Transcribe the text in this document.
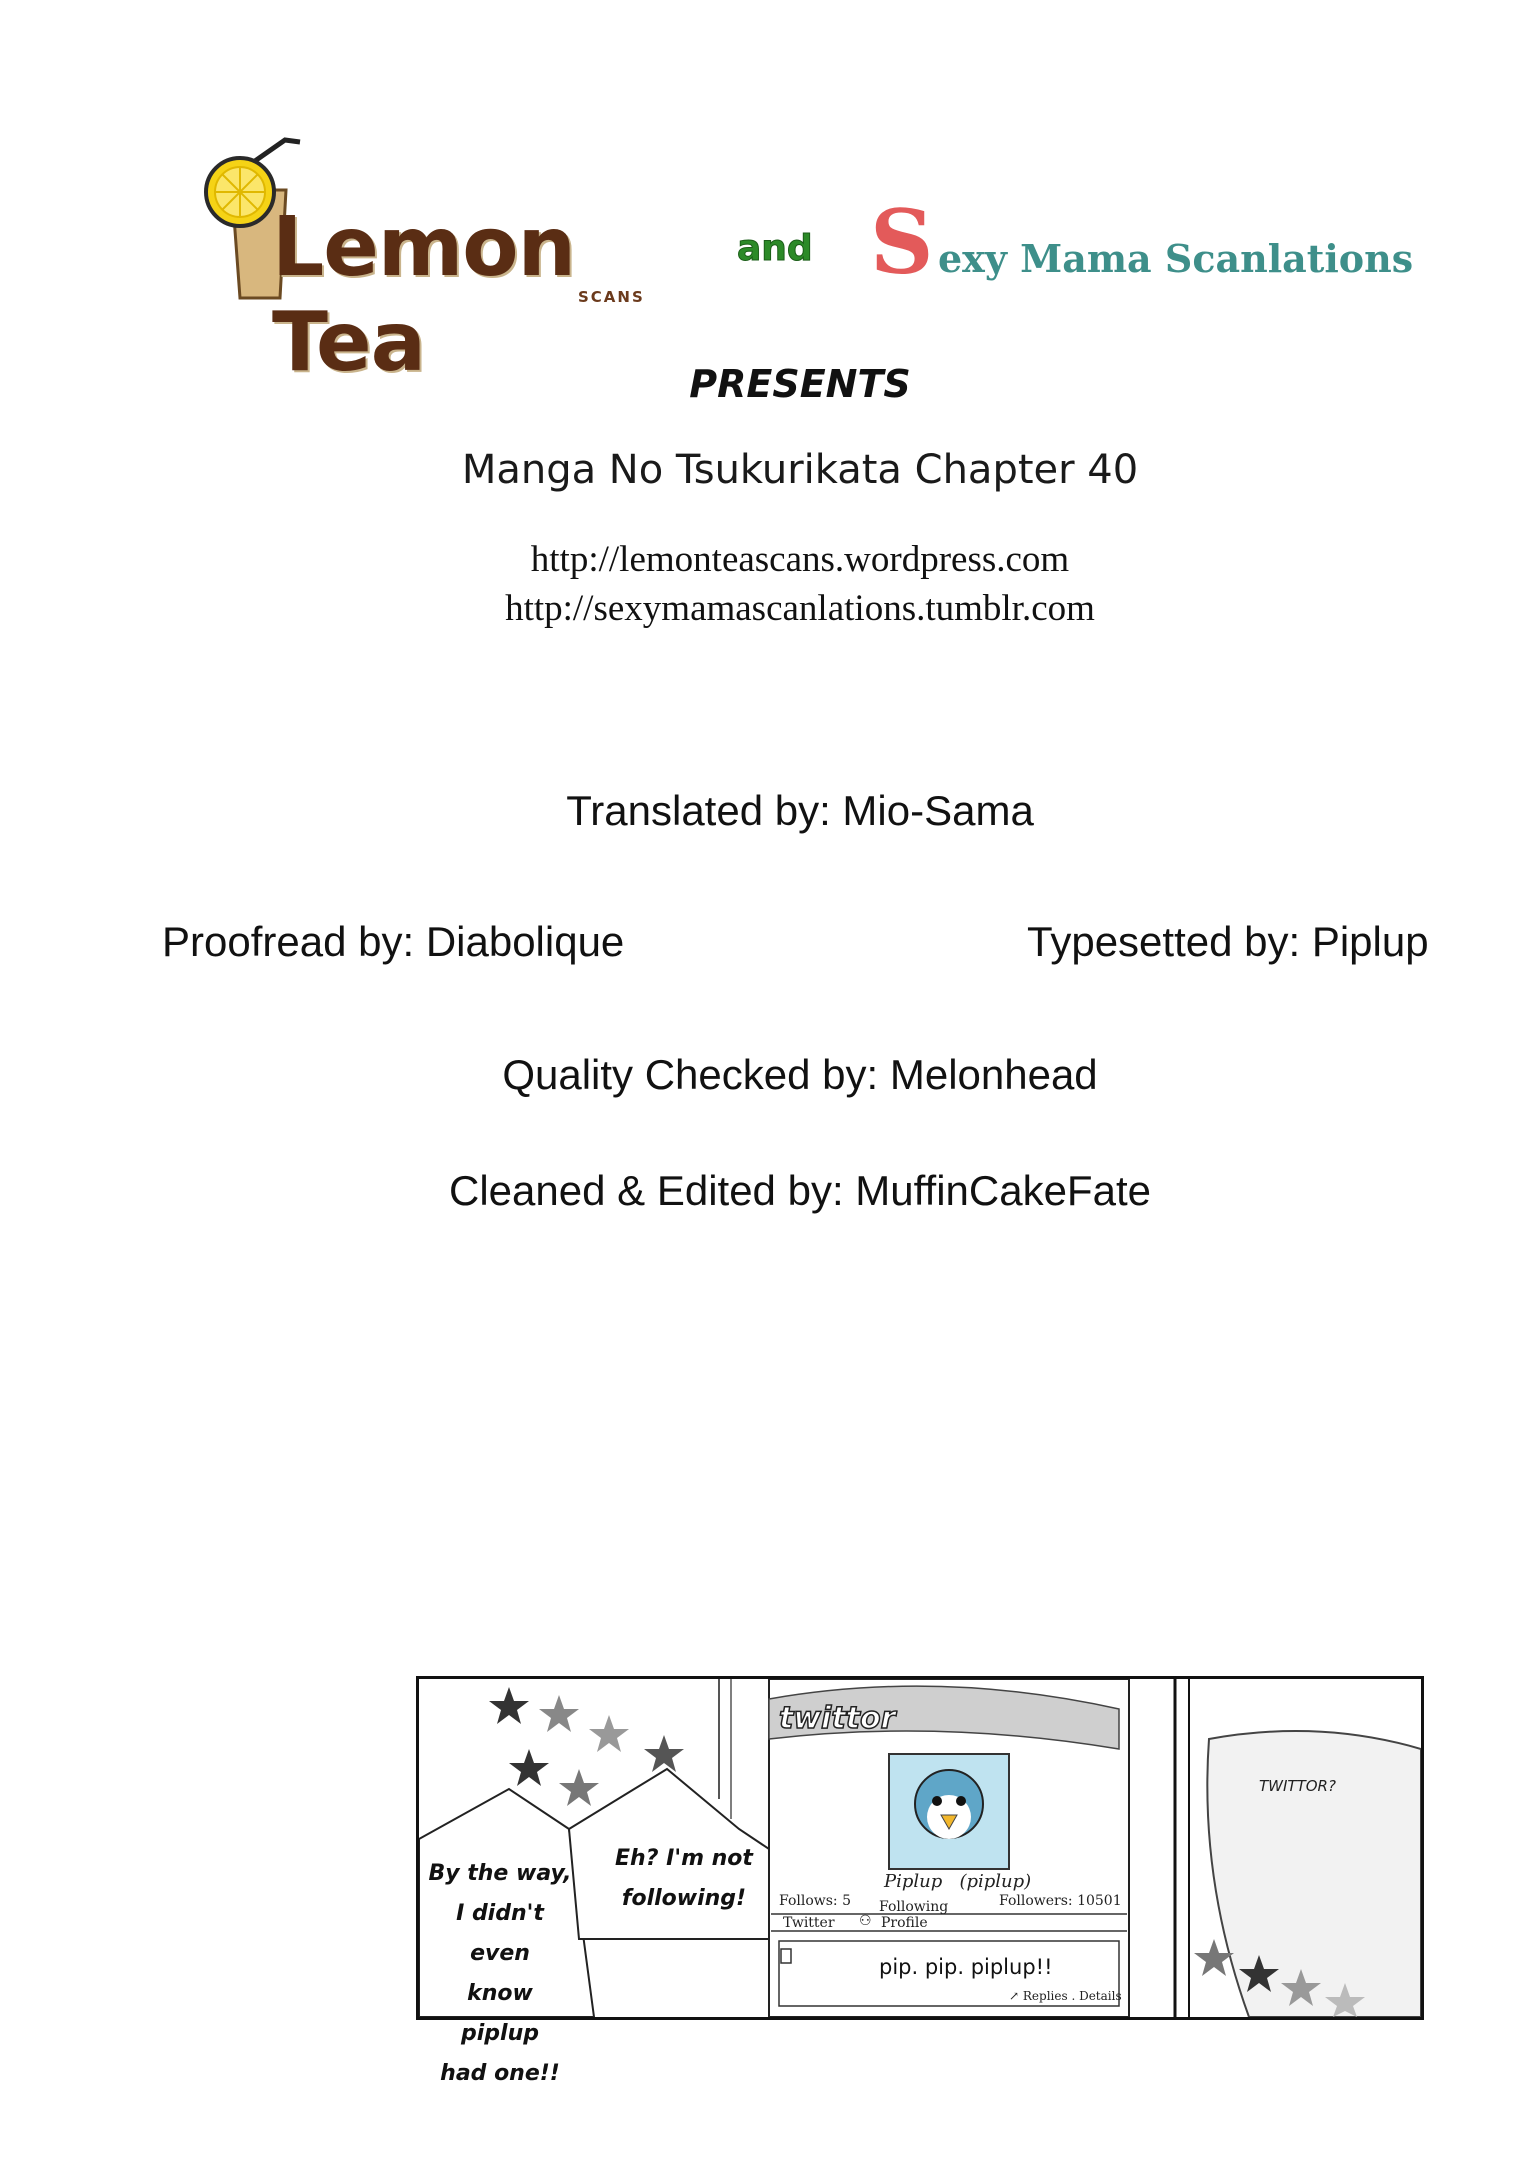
Lemon Tea	SCANS
and S exy Mama Scanlations
PRESENTS
Manga No Tsukurikata Chapter 40
http://lemonteascans.wordpress.com
http://sexymamascanlations.tumblr.com
Translated by: Mio-Sama
Proofread by: Diabolique	Typesetted by: Piplup
Quality Checked by: Melonhead
Cleaned & Edited by: MuffinCakeFate
By the way,
I didn't even
know piplup
had one!!
Eh? I'm not
following!
twittor
Piplup (piplup)
Follows: 5 Following	Followers: 10501
Twitter ⚇ Profile
pip. pip. piplup!!
↗ Replies . Details
TWITTOR?
